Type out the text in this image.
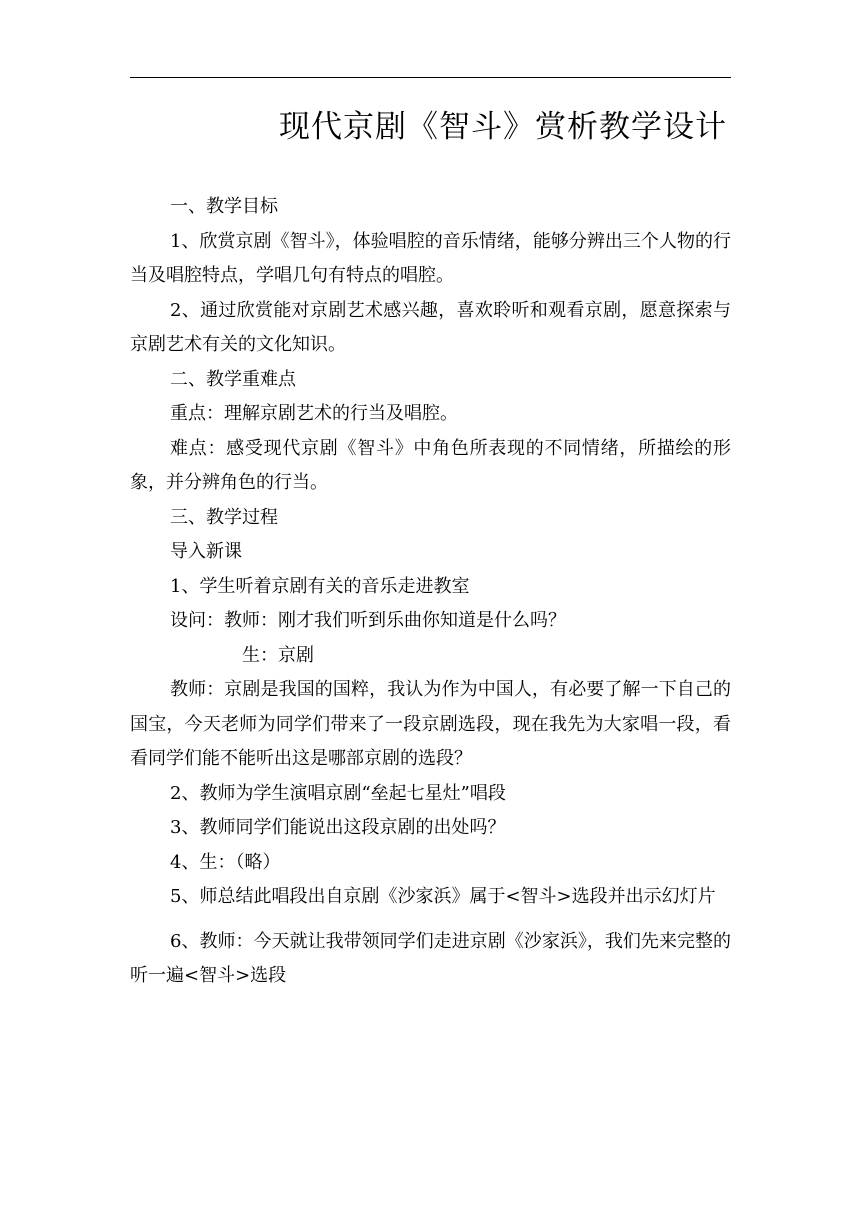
现代京剧《智斗》赏析教学设计

一、教学目标

1、欣赏京剧《智斗》，体验唱腔的音乐情绪，能够分辨出三个人物的行当及唱腔特点，学唱几句有特点的唱腔。

2、通过欣赏能对京剧艺术感兴趣，喜欢聆听和观看京剧，愿意探索与京剧艺术有关的文化知识。

二、教学重难点

重点：理解京剧艺术的行当及唱腔。

难点：感受现代京剧《智斗》中角色所表现的不同情绪，所描绘的形象，并分辨角色的行当。

三、教学过程

导入新课

1、学生听着京剧有关的音乐走进教室

设问：教师：刚才我们听到乐曲你知道是什么吗？

生：京剧

教师：京剧是我国的国粹，我认为作为中国人，有必要了解一下自己的国宝，今天老师为同学们带来了一段京剧选段，现在我先为大家唱一段，看看同学们能不能听出这是哪部京剧的选段？

2、教师为学生演唱京剧“垒起七星灶”唱段

3、教师同学们能说出这段京剧的出处吗？

4、生：（略）

5、师总结此唱段出自京剧《沙家浜》属于<智斗>选段并出示幻灯片

6、教师：今天就让我带领同学们走进京剧《沙家浜》，我们先来完整的听一遍<智斗>选段
